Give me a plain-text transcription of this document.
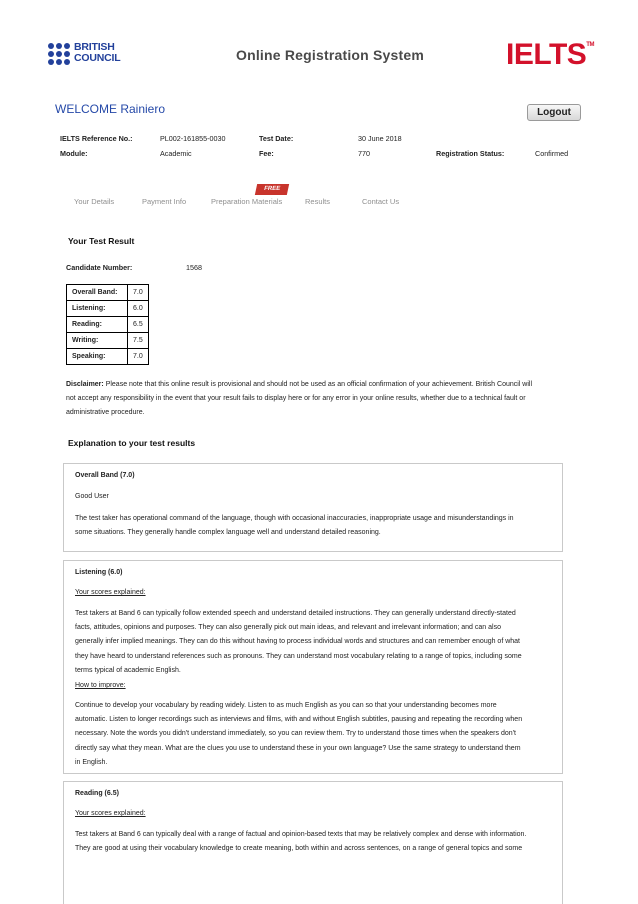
BRITISH
COUNCIL	Online Registration System	IELTS™
WELCOME Rainiero	Logout
IELTS Reference No.:	PL002-161855-0030	Test Date:	30 June 2018
Module:	Academic	Fee:	770	Registration Status:	Confirmed
Your Details	Payment Info	Preparation Materials
FREE
Results	Contact Us
Your Test Result
Candidate Number:	1568
Overall Band:	7.0
Listening:	6.0
Reading:	6.5
Writing:	7.5
Speaking:	7.0
Disclaimer: Please note that this online result is provisional and should not be used as an official confirmation of your achievement. British Council will
not accept any responsibility in the event that your result fails to display here or for any error in your online results, whether due to a technical fault or
administrative procedure.
Explanation to your test results
Overall Band (7.0)
Good User
The test taker has operational command of the language, though with occasional inaccuracies, inappropriate usage and misunderstandings in
some situations. They generally handle complex language well and understand detailed reasoning.
Listening (6.0)
Your scores explained:
Test takers at Band 6 can typically follow extended speech and understand detailed instructions. They can generally understand directly-stated
facts, attitudes, opinions and purposes. They can also generally pick out main ideas, and relevant and irrelevant information; and can also
generally infer implied meanings. They can do this without having to process individual words and structures and can remember enough of what
they have heard to understand references such as pronouns. They can understand most vocabulary relating to a range of topics, including some
terms typical of academic English.
How to improve:
Continue to develop your vocabulary by reading widely. Listen to as much English as you can so that your understanding becomes more
automatic. Listen to longer recordings such as interviews and films, with and without English subtitles, pausing and repeating the recording when
necessary. Note the words you didn't understand immediately, so you can review them. Try to understand those times when the speakers don't
directly say what they mean. What are the clues you use to understand these in your own language? Use the same strategy to understand them
in English.
Reading (6.5)
Your scores explained:
Test takers at Band 6 can typically deal with a range of factual and opinion-based texts that may be relatively complex and dense with information.
They are good at using their vocabulary knowledge to create meaning, both within and across sentences, on a range of general topics and some
